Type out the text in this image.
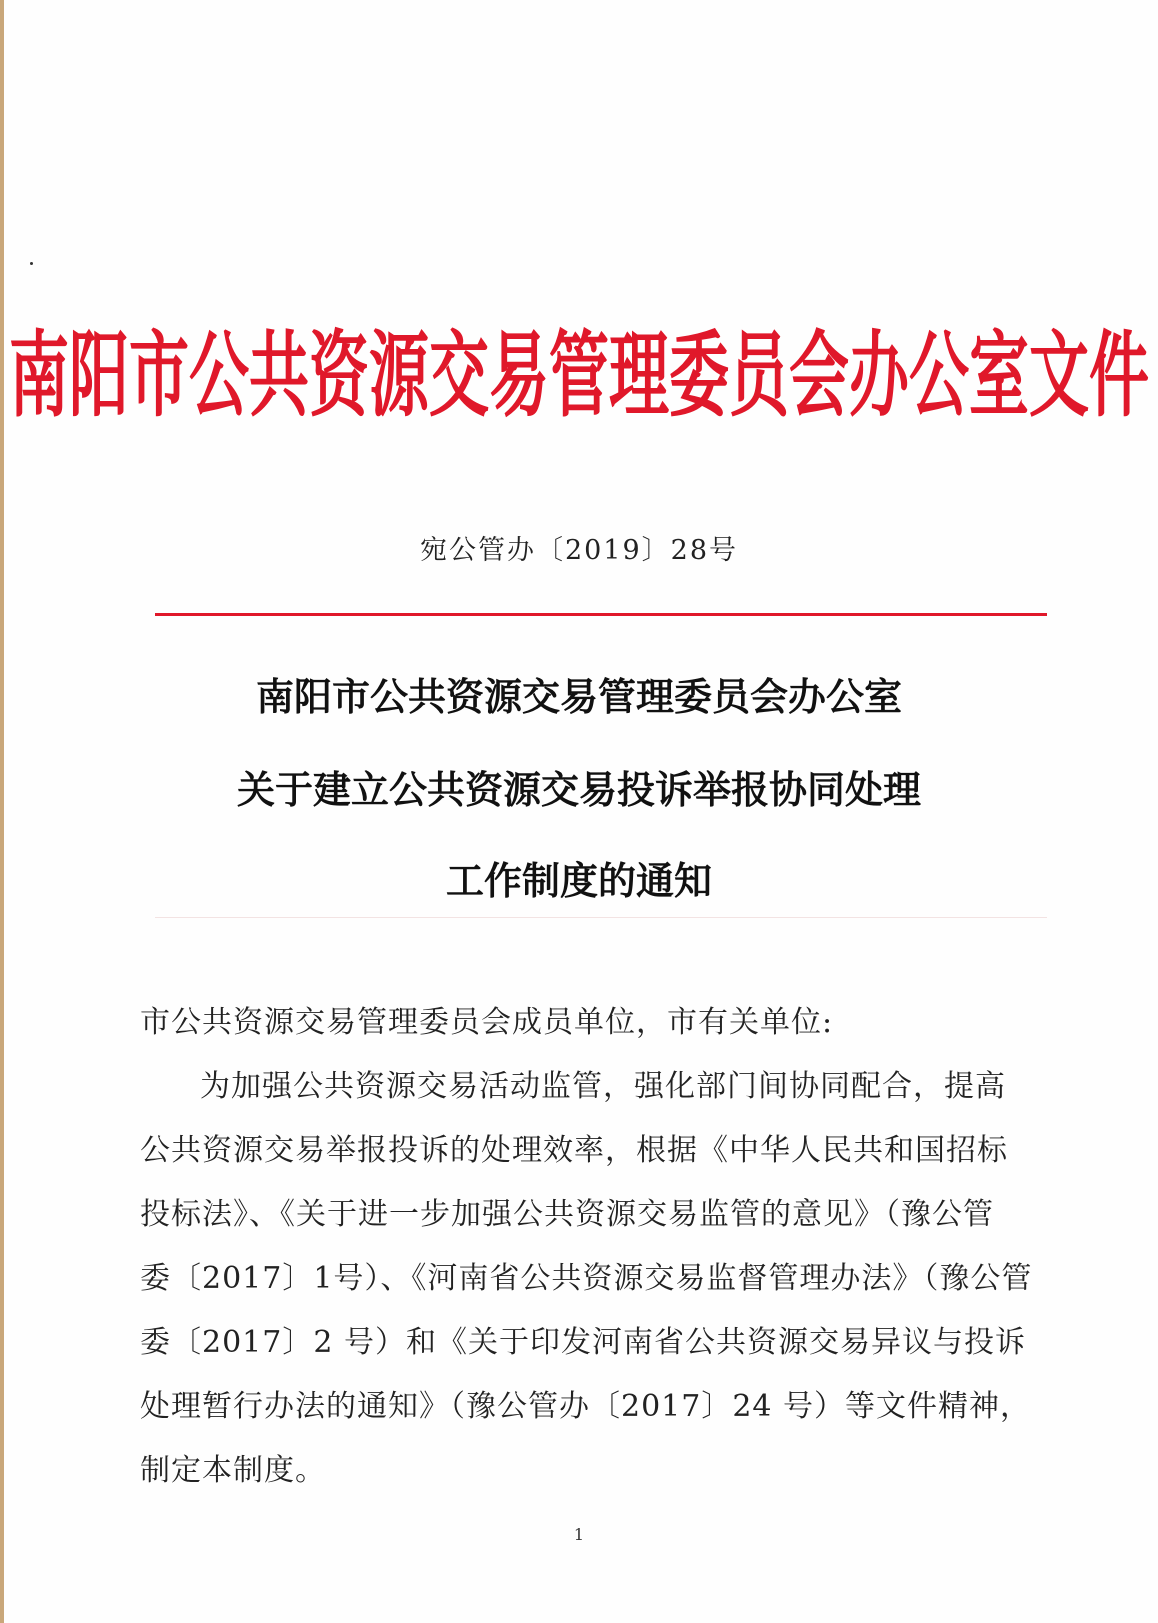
南阳市公共资源交易管理委员会办公室文件
宛公管办〔2019〕28号
南阳市公共资源交易管理委员会办公室
关于建立公共资源交易投诉举报协同处理
工作制度的通知
市公共资源交易管理委员会成员单位，市有关单位:
为加强公共资源交易活动监管，强化部门间协同配合，提高
公共资源交易举报投诉的处理效率，根据《中华人民共和国招标
投标法》、《关于进一步加强公共资源交易监管的意见》（豫公管
委〔2017〕1号）、《河南省公共资源交易监督管理办法》（豫公管
委〔2017〕2 号）和《关于印发河南省公共资源交易异议与投诉
处理暂行办法的通知》（豫公管办〔2017〕24 号）等文件精神，
制定本制度。
1
